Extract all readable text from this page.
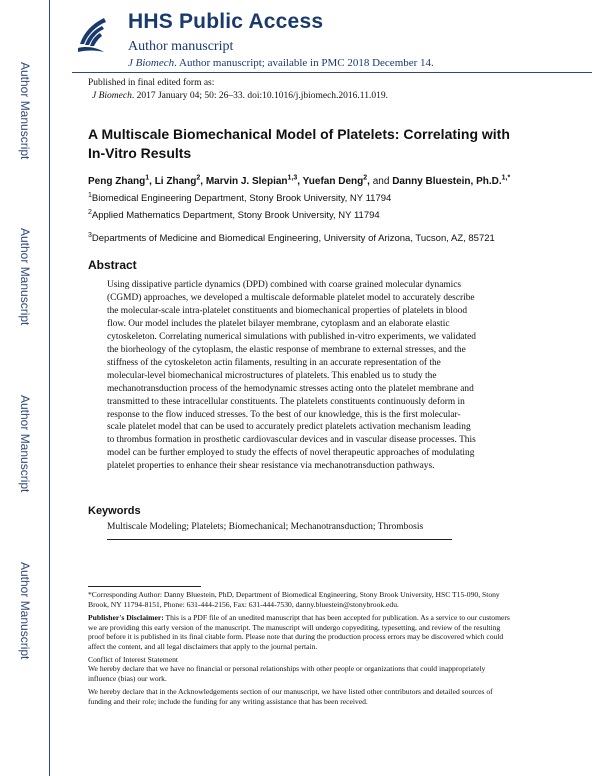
Author Manuscript
Author Manuscript
Author Manuscript
Author Manuscript
HHS Public Access
Author manuscript
J Biomech. Author manuscript; available in PMC 2018 December 14.
Published in final edited form as:
J Biomech. 2017 January 04; 50: 26–33. doi:10.1016/j.jbiomech.2016.11.019.
A Multiscale Biomechanical Model of Platelets: Correlating with In-Vitro Results
Peng Zhang$^1$, Li Zhang$^2$, Marvin J. Slepian$^{1,3}$, Yuefan Deng$^2$, and Danny Bluestein, Ph.D.$^{1,*}$
$^1$Biomedical Engineering Department, Stony Brook University, NY 11794
$^2$Applied Mathematics Department, Stony Brook University, NY 11794
$^3$Departments of Medicine and Biomedical Engineering, University of Arizona, Tucson, AZ, 85721
Abstract
Using dissipative particle dynamics (DPD) combined with coarse grained molecular dynamics
(CGMD) approaches, we developed a multiscale deformable platelet model to accurately describe
the molecular-scale intra-platelet constituents and biomechanical properties of platelets in blood
flow. Our model includes the platelet bilayer membrane, cytoplasm and an elaborate elastic
cytoskeleton. Correlating numerical simulations with published in-vitro experiments, we validated
the biorheology of the cytoplasm, the elastic response of membrane to external stresses, and the
stiffness of the cytoskeleton actin filaments, resulting in an accurate representation of the
molecular-level biomechanical microstructures of platelets. This enabled us to study the
mechanotransduction process of the hemodynamic stresses acting onto the platelet membrane and
transmitted to these intracellular constituents. The platelets constituents continuously deform in
response to the flow induced stresses. To the best of our knowledge, this is the first molecular-
scale platelet model that can be used to accurately predict platelets activation mechanism leading
to thrombus formation in prosthetic cardiovascular devices and in vascular disease processes. This
model can be further employed to study the effects of novel therapeutic approaches of modulating
platelet properties to enhance their shear resistance via mechanotransduction pathways.
Keywords
Multiscale Modeling; Platelets; Biomechanical; Mechanotransduction; Thrombosis
*Corresponding Author: Danny Bluestein, PhD, Department of Biomedical Engineering, Stony Brook University, HSC T15-090, Stony Brook, NY 11794-8151, Phone: 631-444-2156, Fax: 631-444-7530, danny.bluestein@stonybrook.edu.
Publisher's Disclaimer: This is a PDF file of an unedited manuscript that has been accepted for publication. As a service to our customers we are providing this early version of the manuscript. The manuscript will undergo copyediting, typesetting, and review of the resulting proof before it is published in its final citable form. Please note that during the production process errors may be discovered which could affect the content, and all legal disclaimers that apply to the journal pertain.
Conflict of Interest Statement
We hereby declare that we have no financial or personal relationships with other people or organizations that could inappropriately influence (bias) our work.
We hereby declare that in the Acknowledgements section of our manuscript, we have listed other contributors and detailed sources of funding and their role; include the funding for any writing assistance that has been received.
